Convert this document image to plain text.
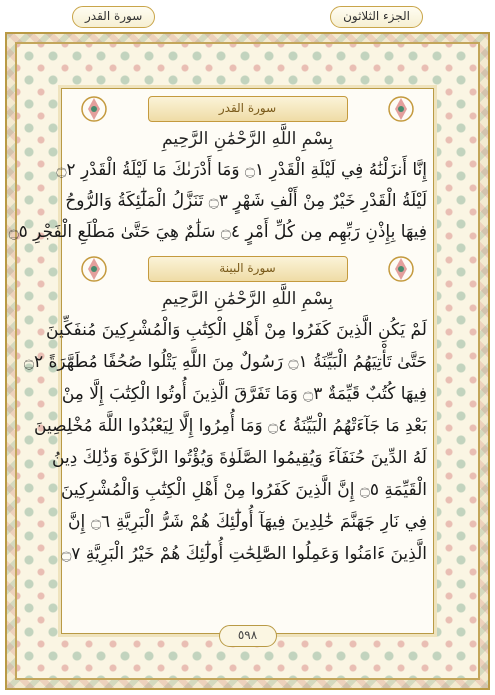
سورة القدر	الجزء الثلاثون
سورة القدر
بِسْمِ اللَّهِ الرَّحْمَٰنِ الرَّحِيمِ
إِنَّا أَنزَلْنَٰهُ فِي لَيْلَةِ الْقَدْرِ ۝١ وَمَا أَدْرَىٰكَ مَا لَيْلَةُ الْقَدْرِ ۝٢
لَيْلَةُ الْقَدْرِ خَيْرٌ مِنْ أَلْفِ شَهْرٍ ۝٣ تَنَزَّلُ الْمَلَٰٓئِكَةُ وَالرُّوحُ
فِيهَا بِإِذْنِ رَبِّهِم مِن كُلِّ أَمْرٍ ۝٤ سَلَٰمٌ هِيَ حَتَّىٰ مَطْلَعِ الْفَجْرِ ۝٥
سورة البينة
بِسْمِ اللَّهِ الرَّحْمَٰنِ الرَّحِيمِ
لَمْ يَكُنِ الَّذِينَ كَفَرُوا مِنْ أَهْلِ الْكِتَٰبِ وَالْمُشْرِكِينَ مُنفَكِّينَ
حَتَّىٰ تَأْتِيَهُمُ الْبَيِّنَةُ ۝١ رَسُولٌ مِنَ اللَّهِ يَتْلُوا صُحُفًا مُطَهَّرَةً ۝٢
فِيهَا كُتُبٌ قَيِّمَةٌ ۝٣ وَمَا تَفَرَّقَ الَّذِينَ أُوتُوا الْكِتَٰبَ إِلَّا مِنْ
بَعْدِ مَا جَآءَتْهُمُ الْبَيِّنَةُ ۝٤ وَمَا أُمِرُوا إِلَّا لِيَعْبُدُوا اللَّهَ مُخْلِصِينَ
لَهُ الدِّينَ حُنَفَآءَ وَيُقِيمُوا الصَّلَوٰةَ وَيُؤْتُوا الزَّكَوٰةَ وَذَٰلِكَ دِينُ
الْقَيِّمَةِ ۝٥ إِنَّ الَّذِينَ كَفَرُوا مِنْ أَهْلِ الْكِتَٰبِ وَالْمُشْرِكِينَ
فِي نَارِ جَهَنَّمَ خَٰلِدِينَ فِيهَآ أُولَٰٓئِكَ هُمْ شَرُّ الْبَرِيَّةِ ۝٦ إِنَّ
الَّذِينَ ءَامَنُوا وَعَمِلُوا الصَّٰلِحَٰتِ أُولَٰٓئِكَ هُمْ خَيْرُ الْبَرِيَّةِ ۝٧
٥٩٨
